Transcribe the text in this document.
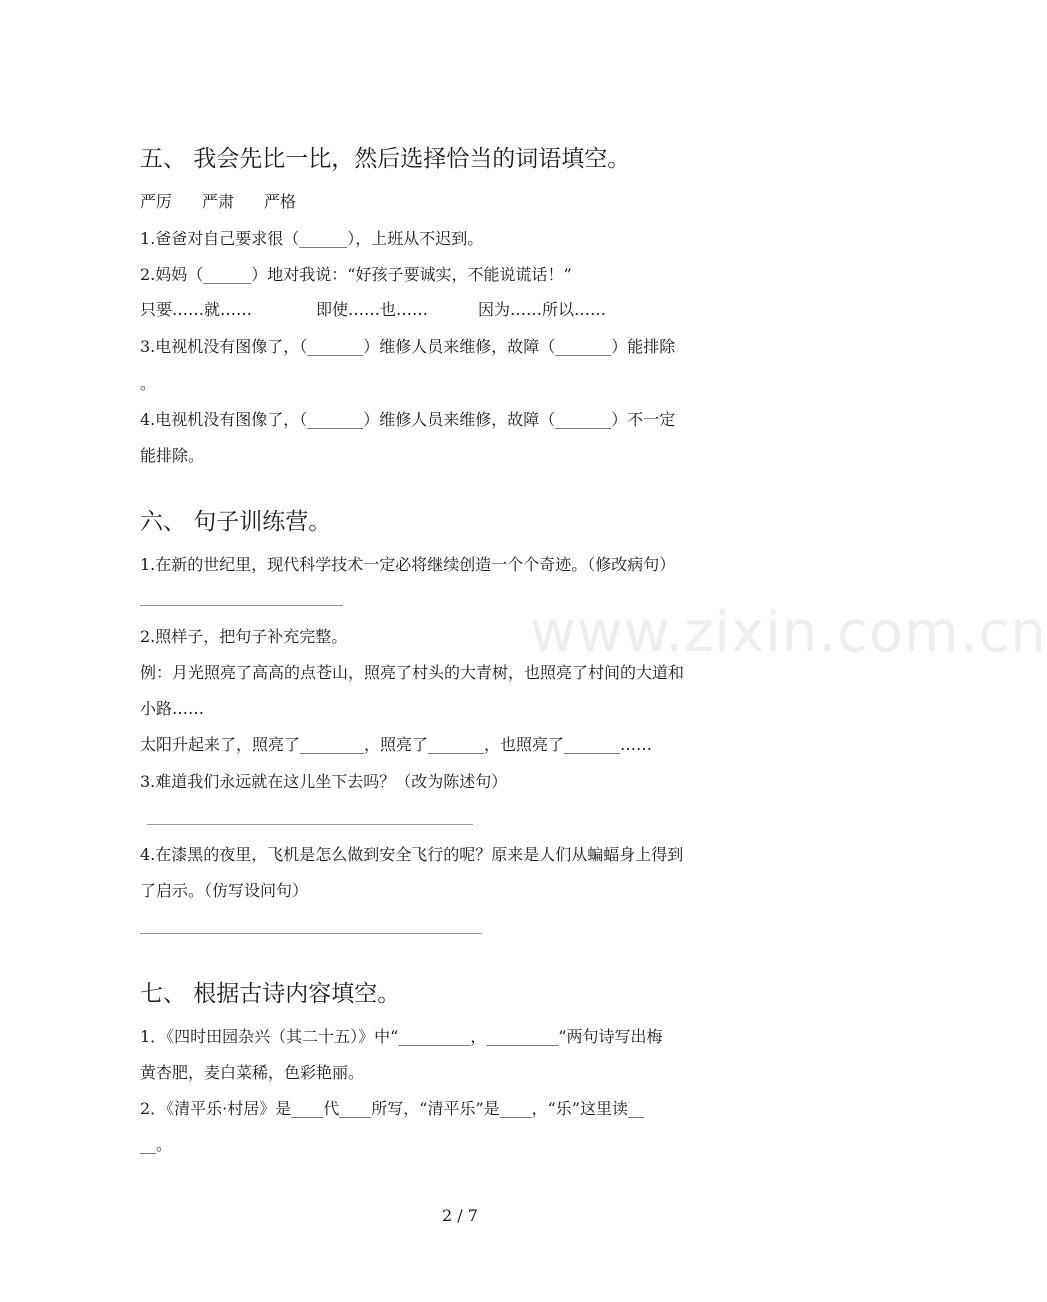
www.zixin.com.cn
五、 我会先比一比，然后选择恰当的词语填空。
严厉 严肃 严格
1.爸爸对自己要求很（______），上班从不迟到。
2.妈妈（______）地对我说：“好孩子要诚实，不能说谎话！”
只要……就……	即使……也……	因为……所以……
3.电视机没有图像了，（_______）维修人员来维修，故障（_______）能排除
。
4.电视机没有图像了，（_______）维修人员来维修，故障（_______）不一定
能排除。
六、 句子训练营。
1.在新的世纪里，现代科学技术一定必将继续创造一个个奇迹。（修改病句）
2.照样子，把句子补充完整。
例：月光照亮了高高的点苍山，照亮了村头的大青树，也照亮了村间的大道和
小路……
太阳升起来了，照亮了________，照亮了_______，也照亮了_______……
3.难道我们永远就在这儿坐下去吗？（改为陈述句）
4.在漆黑的夜里，飞机是怎么做到安全飞行的呢？原来是人们从蝙蝠身上得到
了启示。（仿写设问句）
七、 根据古诗内容填空。
1．《四时田园杂兴（其二十五）》中“_________，_________”两句诗写出梅
黄杏肥，麦白菜稀，色彩艳丽。
2．《清平乐·村居》是____代____所写，“清平乐”是____，“乐”这里读__
__。
2 / 7
